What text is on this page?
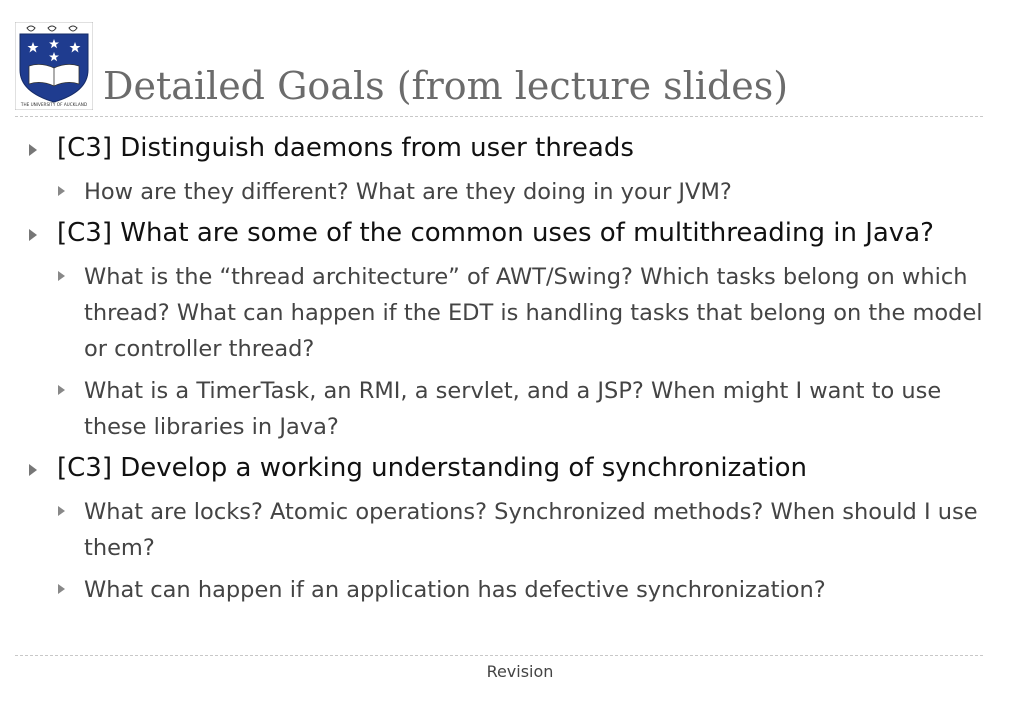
THE UNIVERSITY OF AUCKLAND Detailed Goals (from lecture slides)
[C3] Distinguish daemons from user threads
How are they different? What are they doing in your JVM?
[C3] What are some of the common uses of multithreading in Java?
What is the “thread architecture” of AWT/Swing? Which tasks belong on which thread? What can happen if the EDT is handling tasks that belong on the model or controller thread?
What is a TimerTask, an RMI, a servlet, and a JSP? When might I want to use these libraries in Java?
[C3] Develop a working understanding of synchronization
What are locks? Atomic operations? Synchronized methods? When should I use them?
What can happen if an application has defective synchronization?
Revision
